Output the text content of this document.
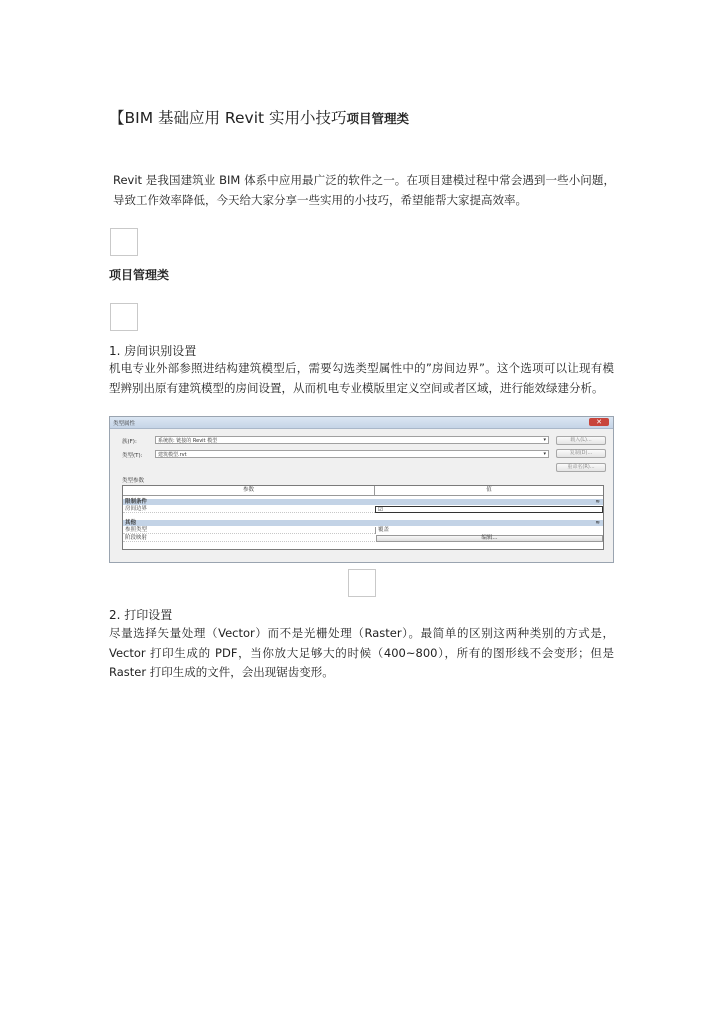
【BIM 基础应用 Revit 实用小技巧项目管理类
Revit 是我国建筑业 BIM 体系中应用最广泛的软件之一。在项目建模过程中常会遇到一些小问题，导致工作效率降低，今天给大家分享一些实用的小技巧，希望能帮大家提高效率。
项目管理类
1. 房间识别设置
机电专业外部参照进结构建筑模型后，需要勾选类型属性中的”房间边界”。这个选项可以让现有模型辨别出原有建筑模型的房间设置，从而机电专业模版里定义空间或者区域，进行能效绿建分析。
类型属性	✕
族(F):	系统族: 链接的 Revit 模型	▾
类型(T):	建筑模型.rvt	▾
载入(L)...
复制(D)...
重命名(R)...
类型参数
参数	值
限制条件	≈
房间边界	☑
其他	≈
参照类型	覆盖
阶段映射	编辑...
2. 打印设置
尽量选择矢量处理（Vector）而不是光栅处理（Raster）。最简单的区别这两种类别的方式是，Vector 打印生成的 PDF，当你放大足够大的时候（400~800），所有的图形线不会变形；但是 Raster 打印生成的文件，会出现锯齿变形。
